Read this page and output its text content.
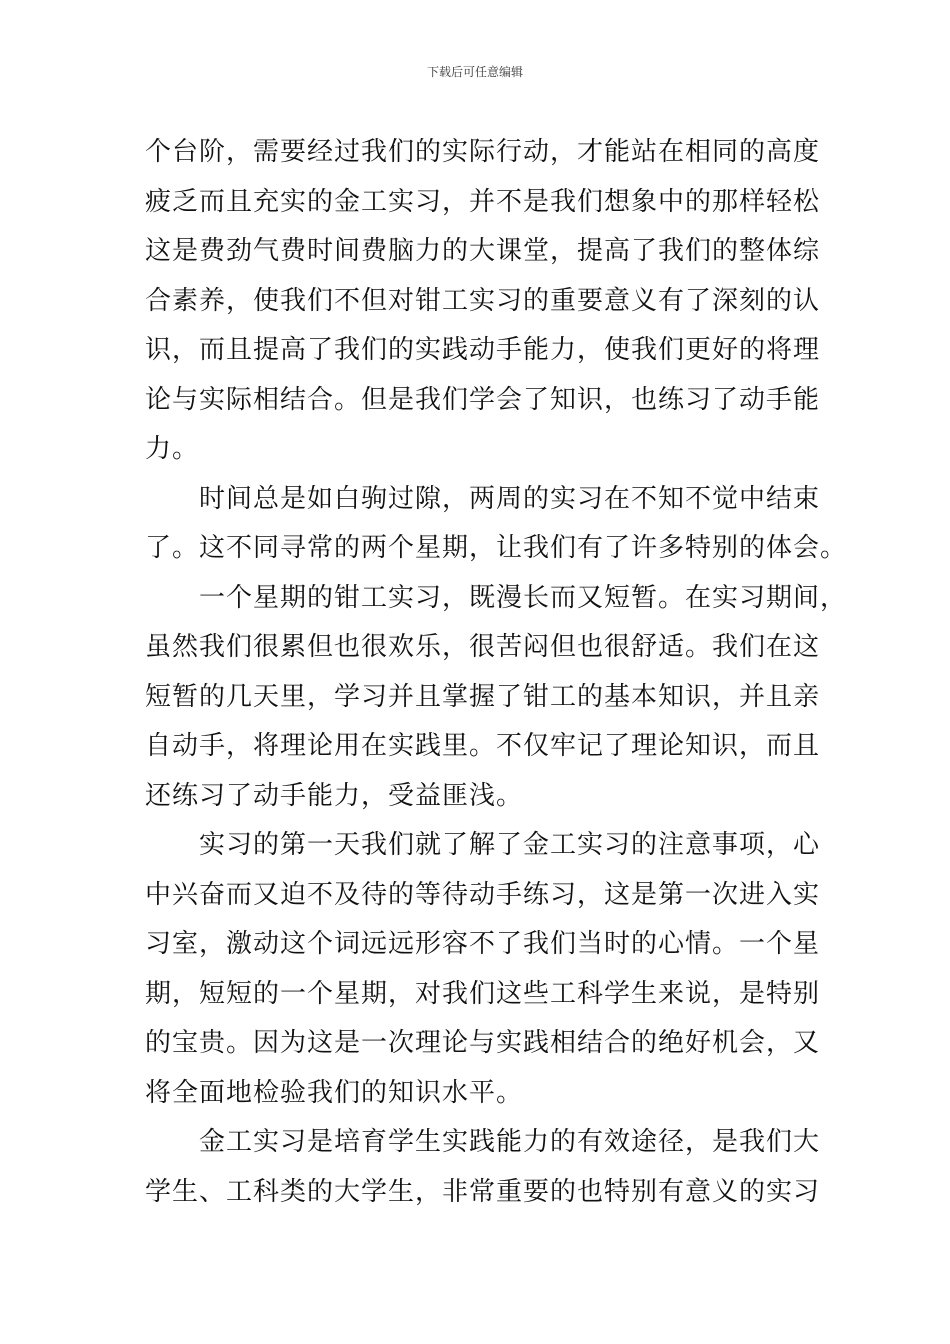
下载后可任意编辑
个台阶，需要经过我们的实际行动，才能站在相同的高度
疲乏而且充实的金工实习，并不是我们想象中的那样轻松
这是费劲气费时间费脑力的大课堂，提高了我们的整体综
合素养，使我们不但对钳工实习的重要意义有了深刻的认
识，而且提高了我们的实践动手能力，使我们更好的将理
论与实际相结合。但是我们学会了知识，也练习了动手能
力。
　　时间总是如白驹过隙，两周的实习在不知不觉中结束
了。这不同寻常的两个星期，让我们有了许多特别的体会。
　　一个星期的钳工实习，既漫长而又短暂。在实习期间，
虽然我们很累但也很欢乐，很苦闷但也很舒适。我们在这
短暂的几天里，学习并且掌握了钳工的基本知识，并且亲
自动手，将理论用在实践里。不仅牢记了理论知识，而且
还练习了动手能力，受益匪浅。
　　实习的第一天我们就了解了金工实习的注意事项，心
中兴奋而又迫不及待的等待动手练习，这是第一次进入实
习室，激动这个词远远形容不了我们当时的心情。一个星
期，短短的一个星期，对我们这些工科学生来说，是特别
的宝贵。因为这是一次理论与实践相结合的绝好机会，又
将全面地检验我们的知识水平。
　　金工实习是培育学生实践能力的有效途径，是我们大
学生、工科类的大学生，非常重要的也特别有意义的实习
